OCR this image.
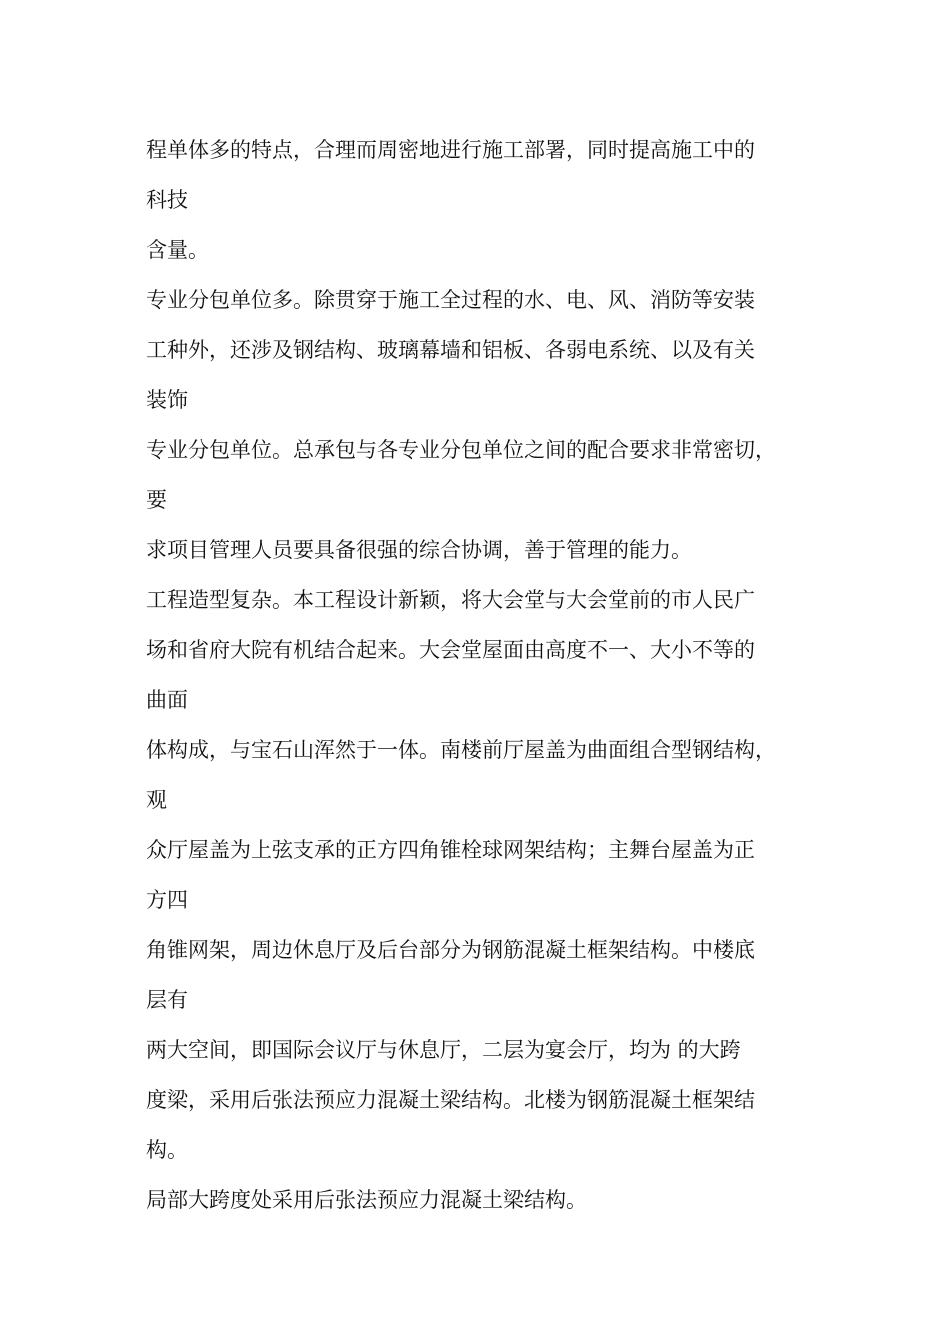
程单体多的特点，合理而周密地进行施工部署，同时提高施工中的
科技
含量。
专业分包单位多。除贯穿于施工全过程的水、电、风、消防等安装
工种外，还涉及钢结构、玻璃幕墙和铝板、各弱电系统、以及有关
装饰
专业分包单位。总承包与各专业分包单位之间的配合要求非常密切，
要
求项目管理人员要具备很强的综合协调，善于管理的能力。
工程造型复杂。本工程设计新颖，将大会堂与大会堂前的市人民广
场和省府大院有机结合起来。大会堂屋面由高度不一、大小不等的
曲面
体构成，与宝石山浑然于一体。南楼前厅屋盖为曲面组合型钢结构，
观
众厅屋盖为上弦支承的正方四角锥栓球网架结构；主舞台屋盖为正
方四
角锥网架，周边休息厅及后台部分为钢筋混凝土框架结构。中楼底
层有
两大空间，即国际会议厅与休息厅，二层为宴会厅，均为 的大跨
度梁，采用后张法预应力混凝土梁结构。北楼为钢筋混凝土框架结
构。
局部大跨度处采用后张法预应力混凝土梁结构。
